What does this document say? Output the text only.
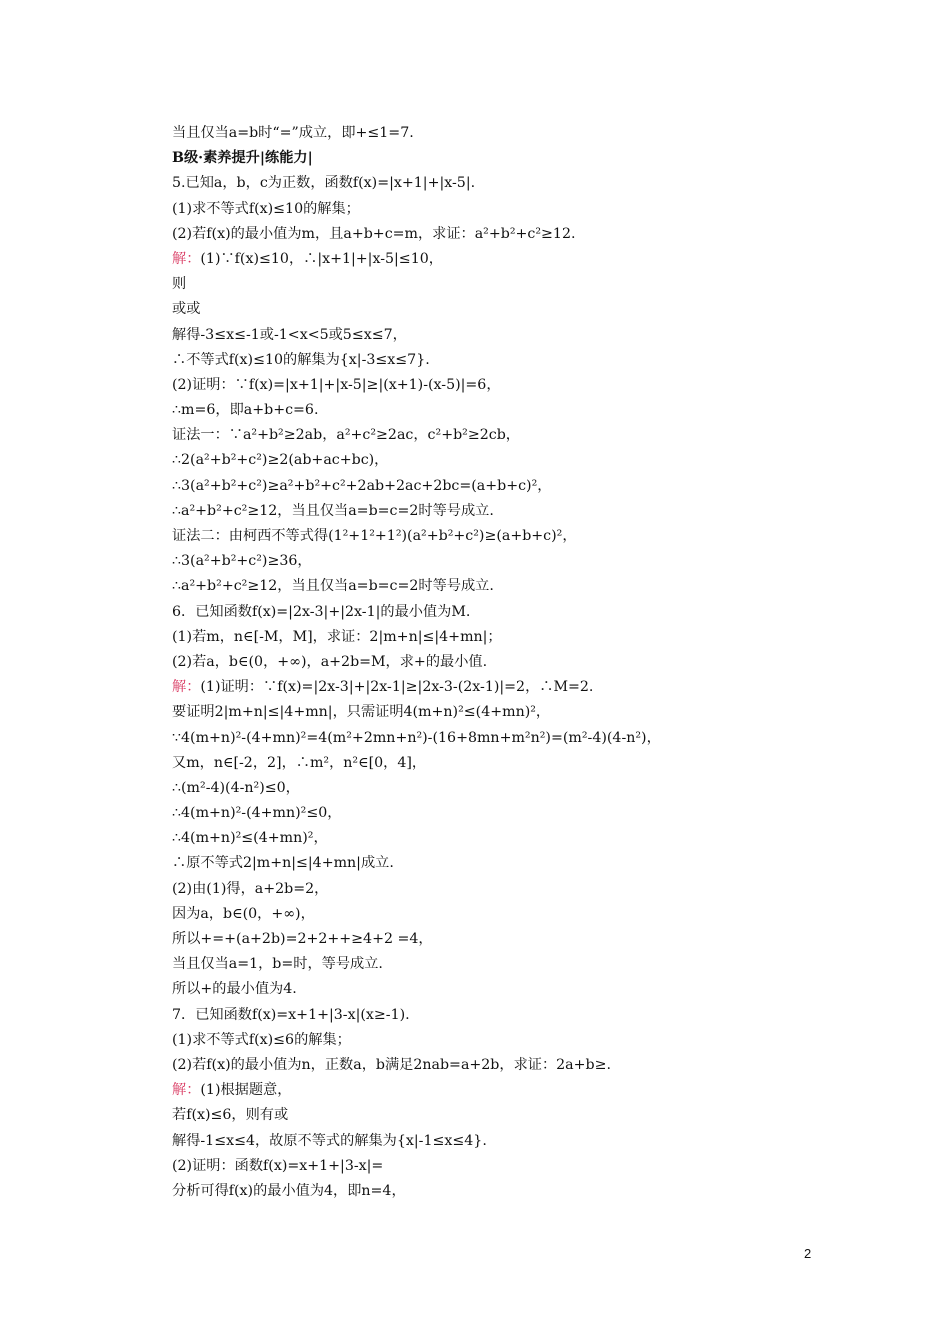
当且仅当a=b时“=”成立，即+≤1=7.
B级·素养提升|练能力|
5.已知a，b，c为正数，函数f(x)=|x+1|+|x-5|.
(1)求不等式f(x)≤10的解集；
(2)若f(x)的最小值为m，且a+b+c=m，求证：a²+b²+c²≥12.
解：(1)∵f(x)≤10，∴|x+1|+|x-5|≤10，
则
或或
解得-3≤x≤-1或-1<x<5或5≤x≤7，
∴不等式f(x)≤10的解集为{x|-3≤x≤7}.
(2)证明：∵f(x)=|x+1|+|x-5|≥|(x+1)-(x-5)|=6，
∴m=6，即a+b+c=6.
证法一：∵a²+b²≥2ab，a²+c²≥2ac，c²+b²≥2cb，
∴2(a²+b²+c²)≥2(ab+ac+bc)，
∴3(a²+b²+c²)≥a²+b²+c²+2ab+2ac+2bc=(a+b+c)²，
∴a²+b²+c²≥12，当且仅当a=b=c=2时等号成立.
证法二：由柯西不等式得(1²+1²+1²)(a²+b²+c²)≥(a+b+c)²，
∴3(a²+b²+c²)≥36，
∴a²+b²+c²≥12，当且仅当a=b=c=2时等号成立.
6．已知函数f(x)=|2x-3|+|2x-1|的最小值为M.
(1)若m，n∈[-M，M]，求证：2|m+n|≤|4+mn|；
(2)若a，b∈(0，+∞)，a+2b=M，求+的最小值.
解：(1)证明：∵f(x)=|2x-3|+|2x-1|≥|2x-3-(2x-1)|=2，∴M=2.
要证明2|m+n|≤|4+mn|，只需证明4(m+n)²≤(4+mn)²，
∵4(m+n)²-(4+mn)²=4(m²+2mn+n²)-(16+8mn+m²n²)=(m²-4)(4-n²)，
又m，n∈[-2，2]，∴m²，n²∈[0，4]，
∴(m²-4)(4-n²)≤0，
∴4(m+n)²-(4+mn)²≤0，
∴4(m+n)²≤(4+mn)²，
∴原不等式2|m+n|≤|4+mn|成立.
(2)由(1)得，a+2b=2，
因为a，b∈(0，+∞)，
所以+=+(a+2b)=2+2++≥4+2 =4，
当且仅当a=1，b=时，等号成立.
所以+的最小值为4.
7．已知函数f(x)=x+1+|3-x|(x≥-1).
(1)求不等式f(x)≤6的解集；
(2)若f(x)的最小值为n，正数a，b满足2nab=a+2b，求证：2a+b≥.
解：(1)根据题意，
若f(x)≤6，则有或
解得-1≤x≤4，故原不等式的解集为{x|-1≤x≤4}.
(2)证明：函数f(x)=x+1+|3-x|=
分析可得f(x)的最小值为4，即n=4，
2
